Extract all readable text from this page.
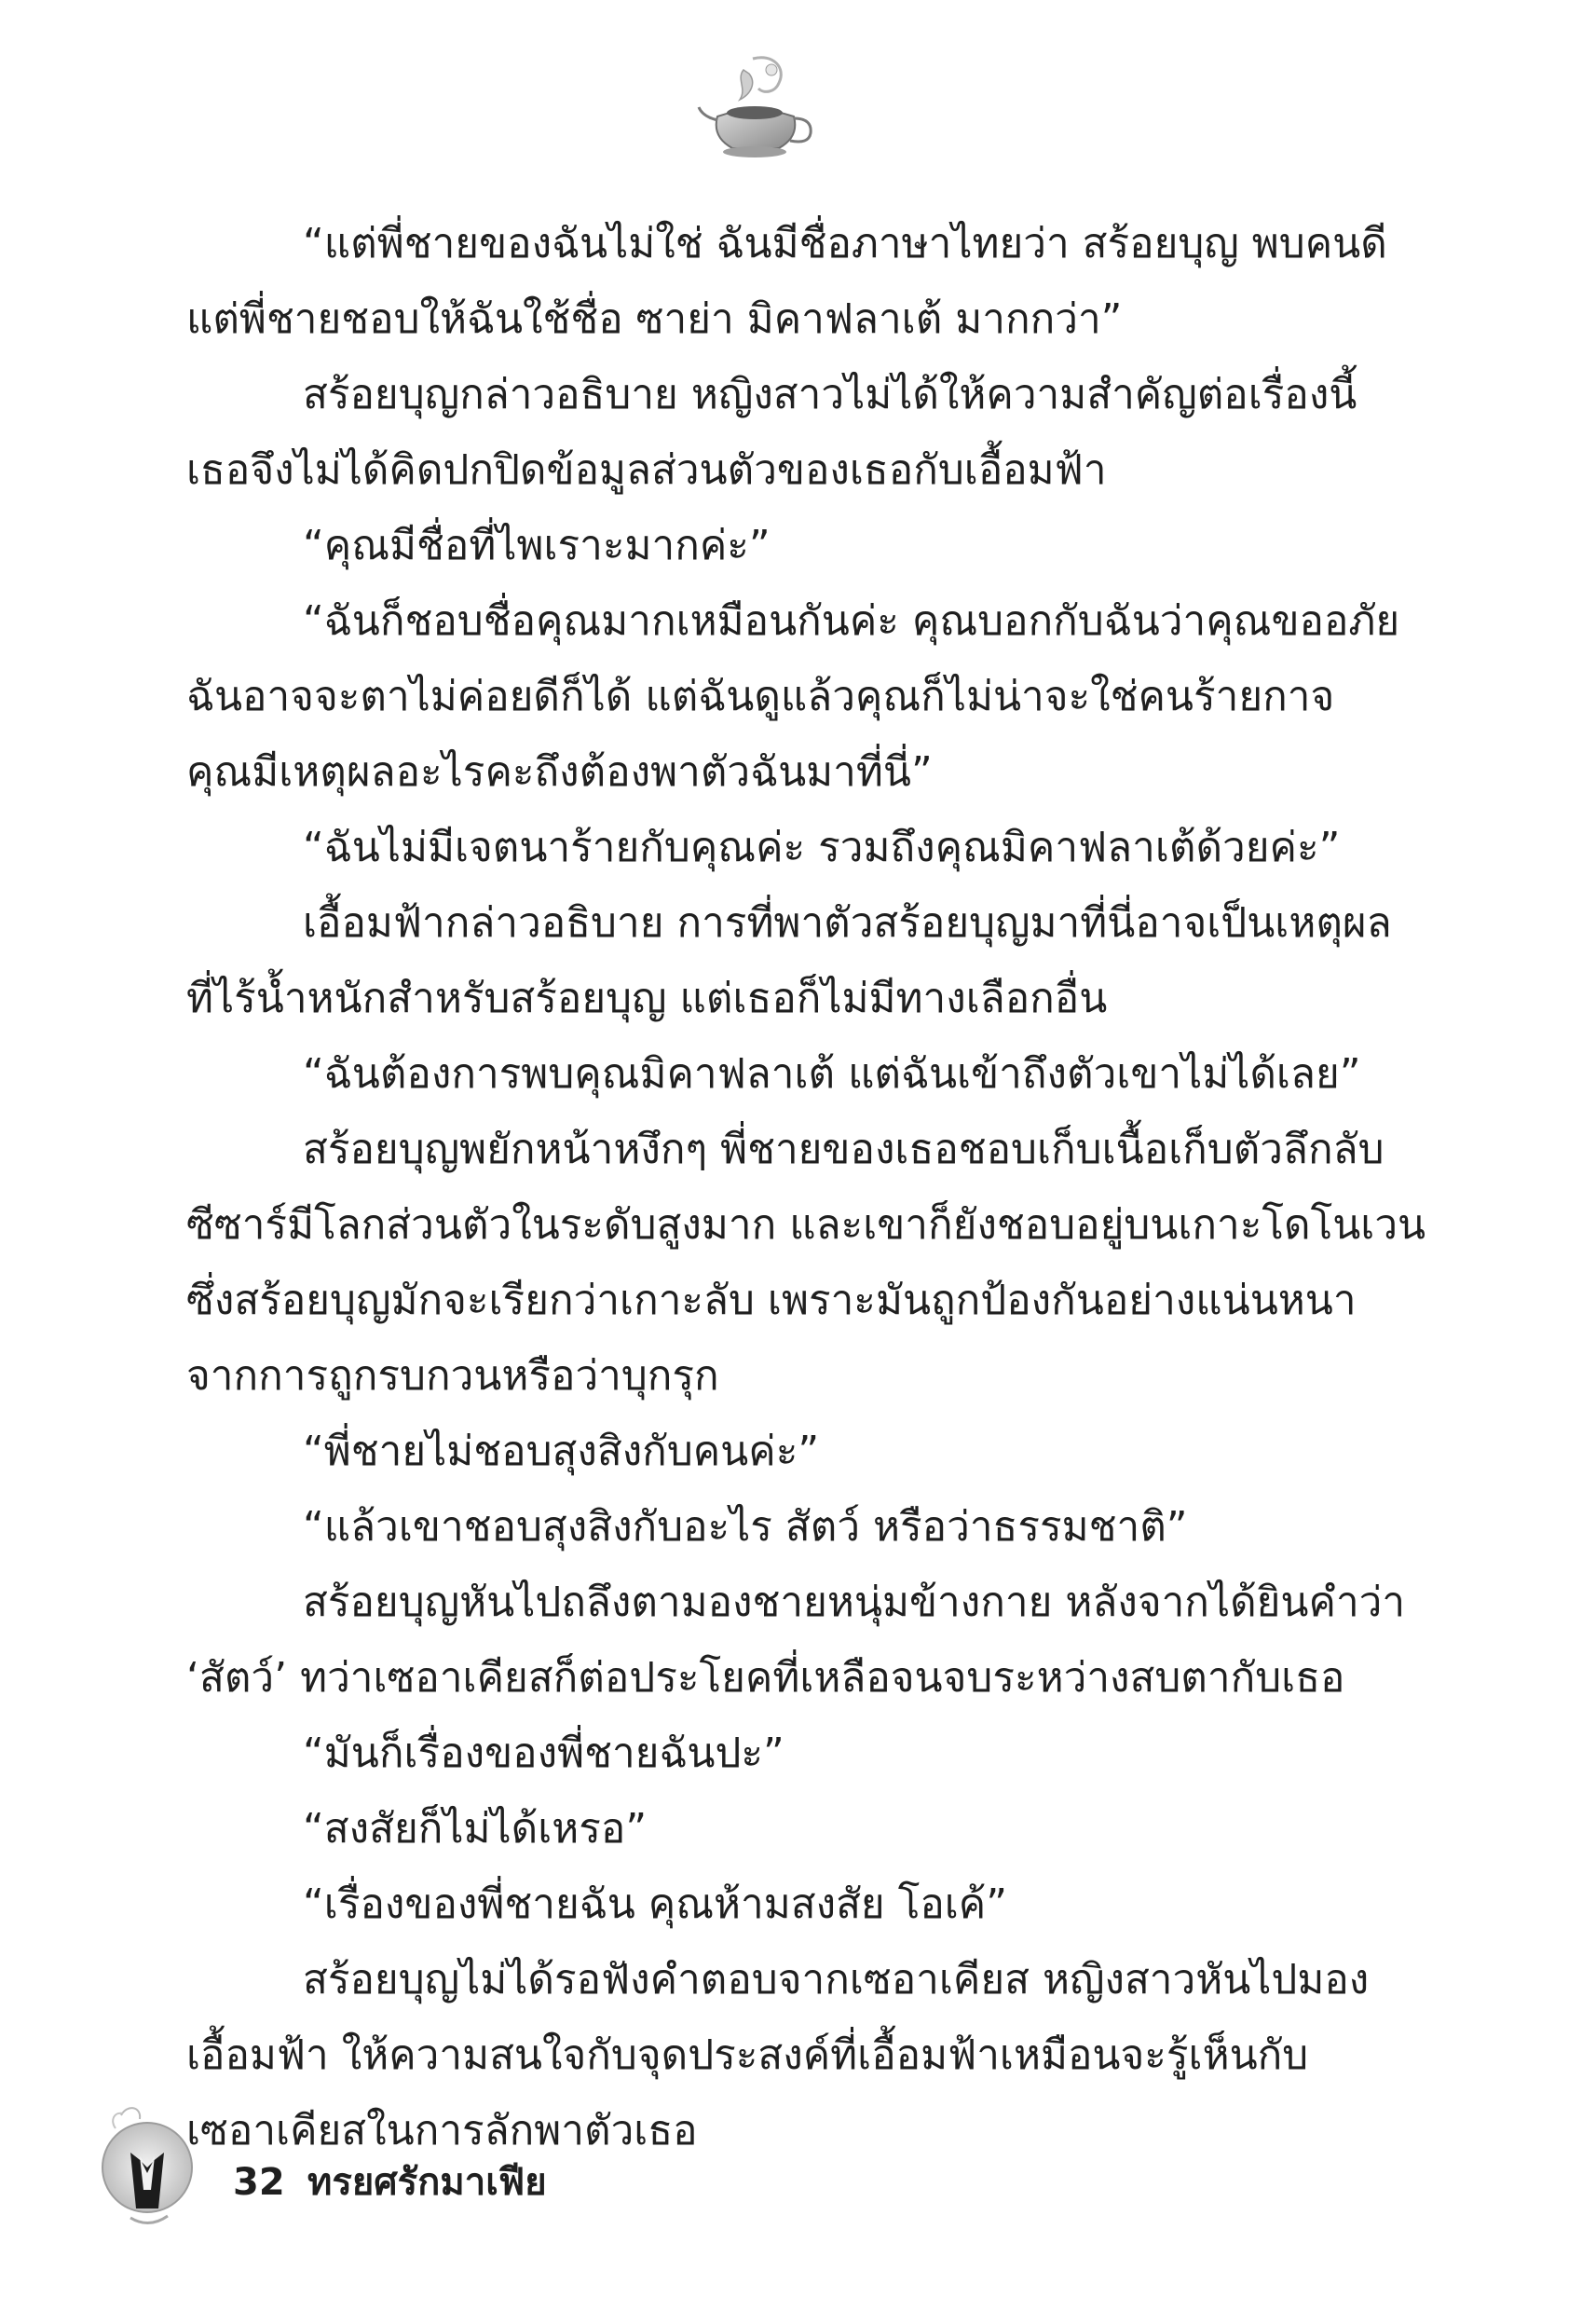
“แต่พี่ชายของฉันไม่ใช่ ฉันมีชื่อภาษาไทยว่า สร้อยบุญ พบคนดี
แต่พี่ชายชอบให้ฉันใช้ชื่อ ซาย่า มิคาฟลาเต้ มากกว่า”
สร้อยบุญกล่าวอธิบาย หญิงสาวไม่ได้ให้ความสำคัญต่อเรื่องนี้
เธอจึงไม่ได้คิดปกปิดข้อมูลส่วนตัวของเธอกับเอื้อมฟ้า
“คุณมีชื่อที่ไพเราะมากค่ะ”
“ฉันก็ชอบชื่อคุณมากเหมือนกันค่ะ คุณบอกกับฉันว่าคุณขออภัย
ฉันอาจจะตาไม่ค่อยดีก็ได้ แต่ฉันดูแล้วคุณก็ไม่น่าจะใช่คนร้ายกาจ
คุณมีเหตุผลอะไรคะถึงต้องพาตัวฉันมาที่นี่”
“ฉันไม่มีเจตนาร้ายกับคุณค่ะ รวมถึงคุณมิคาฟลาเต้ด้วยค่ะ”
เอื้อมฟ้ากล่าวอธิบาย การที่พาตัวสร้อยบุญมาที่นี่อาจเป็นเหตุผล
ที่ไร้น้ำหนักสำหรับสร้อยบุญ แต่เธอก็ไม่มีทางเลือกอื่น
“ฉันต้องการพบคุณมิคาฟลาเต้ แต่ฉันเข้าถึงตัวเขาไม่ได้เลย”
สร้อยบุญพยักหน้าหงึกๆ พี่ชายของเธอชอบเก็บเนื้อเก็บตัวลึกลับ
ซีซาร์มีโลกส่วนตัวในระดับสูงมาก และเขาก็ยังชอบอยู่บนเกาะโดโนเวน
ซึ่งสร้อยบุญมักจะเรียกว่าเกาะลับ เพราะมันถูกป้องกันอย่างแน่นหนา
จากการถูกรบกวนหรือว่าบุกรุก
“พี่ชายไม่ชอบสุงสิงกับคนค่ะ”
“แล้วเขาชอบสุงสิงกับอะไร สัตว์ หรือว่าธรรมชาติ”
สร้อยบุญหันไปถลึงตามองชายหนุ่มข้างกาย หลังจากได้ยินคำว่า
‘สัตว์’ ทว่าเซอาเคียสก็ต่อประโยคที่เหลือจนจบระหว่างสบตากับเธอ
“มันก็เรื่องของพี่ชายฉันปะ”
“สงสัยก็ไม่ได้เหรอ”
“เรื่องของพี่ชายฉัน คุณห้ามสงสัย โอเค้”
สร้อยบุญไม่ได้รอฟังคำตอบจากเซอาเคียส หญิงสาวหันไปมอง
เอื้อมฟ้า ให้ความสนใจกับจุดประสงค์ที่เอื้อมฟ้าเหมือนจะรู้เห็นกับ
เซอาเคียสในการลักพาตัวเธอ
32 ทรยศรักมาเฟีย
